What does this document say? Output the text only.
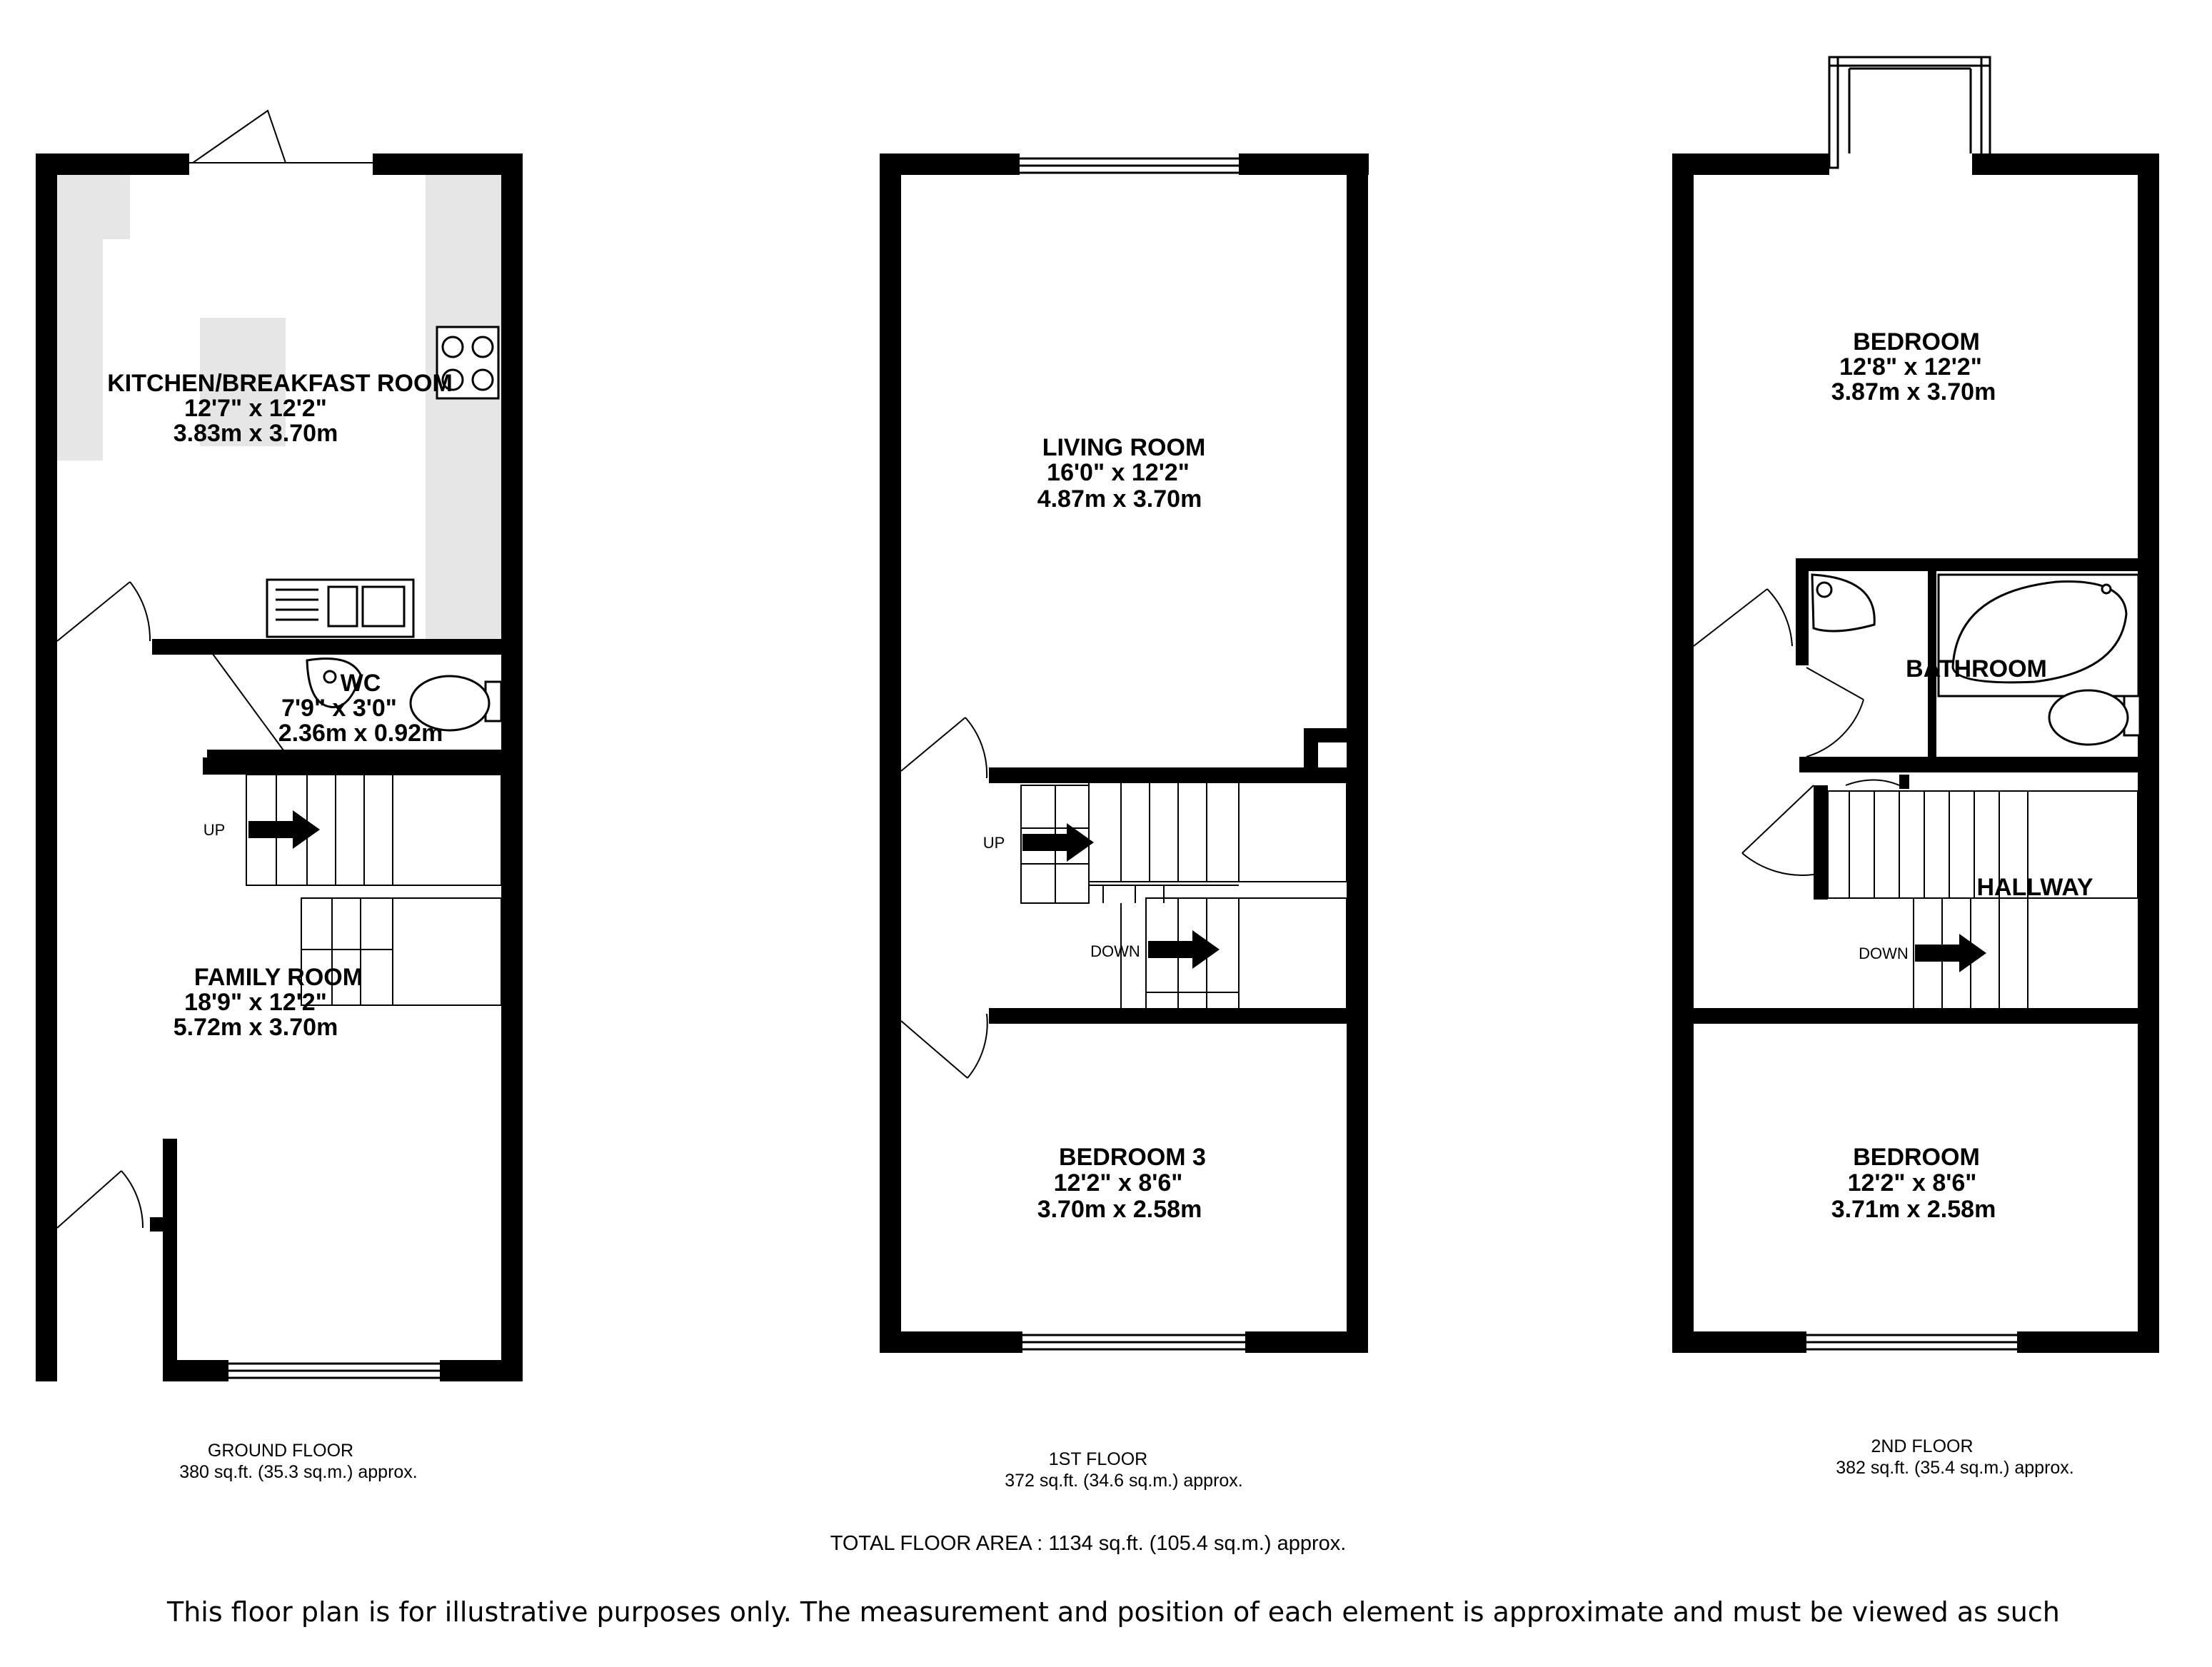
KITCHEN/BREAKFAST ROOM
12'7" x 12'2"
3.83m x 3.70m
WC
7'9" x 3'0"
2.36m x 0.92m
FAMILY ROOM
18'9" x 12'2"
5.72m x 3.70m
LIVING ROOM
16'0" x 12'2"
4.87m x 3.70m
BEDROOM 3
12'2" x 8'6"
3.70m x 2.58m
BEDROOM
12'8" x 12'2"
3.87m x 3.70m
BATHROOM
HALLWAY
BEDROOM
12'2" x 8'6"
3.71m x 2.58m
UP
UP
DOWN	DOWN
GROUND FLOOR
380 sq.ft. (35.3 sq.m.) approx.
1ST FLOOR
372 sq.ft. (34.6 sq.m.) approx.
2ND FLOOR
382 sq.ft. (35.4 sq.m.) approx.
TOTAL FLOOR AREA : 1134 sq.ft. (105.4 sq.m.) approx.
This floor plan is for illustrative purposes only. The measurement and position of each element is approximate and must be viewed as such
